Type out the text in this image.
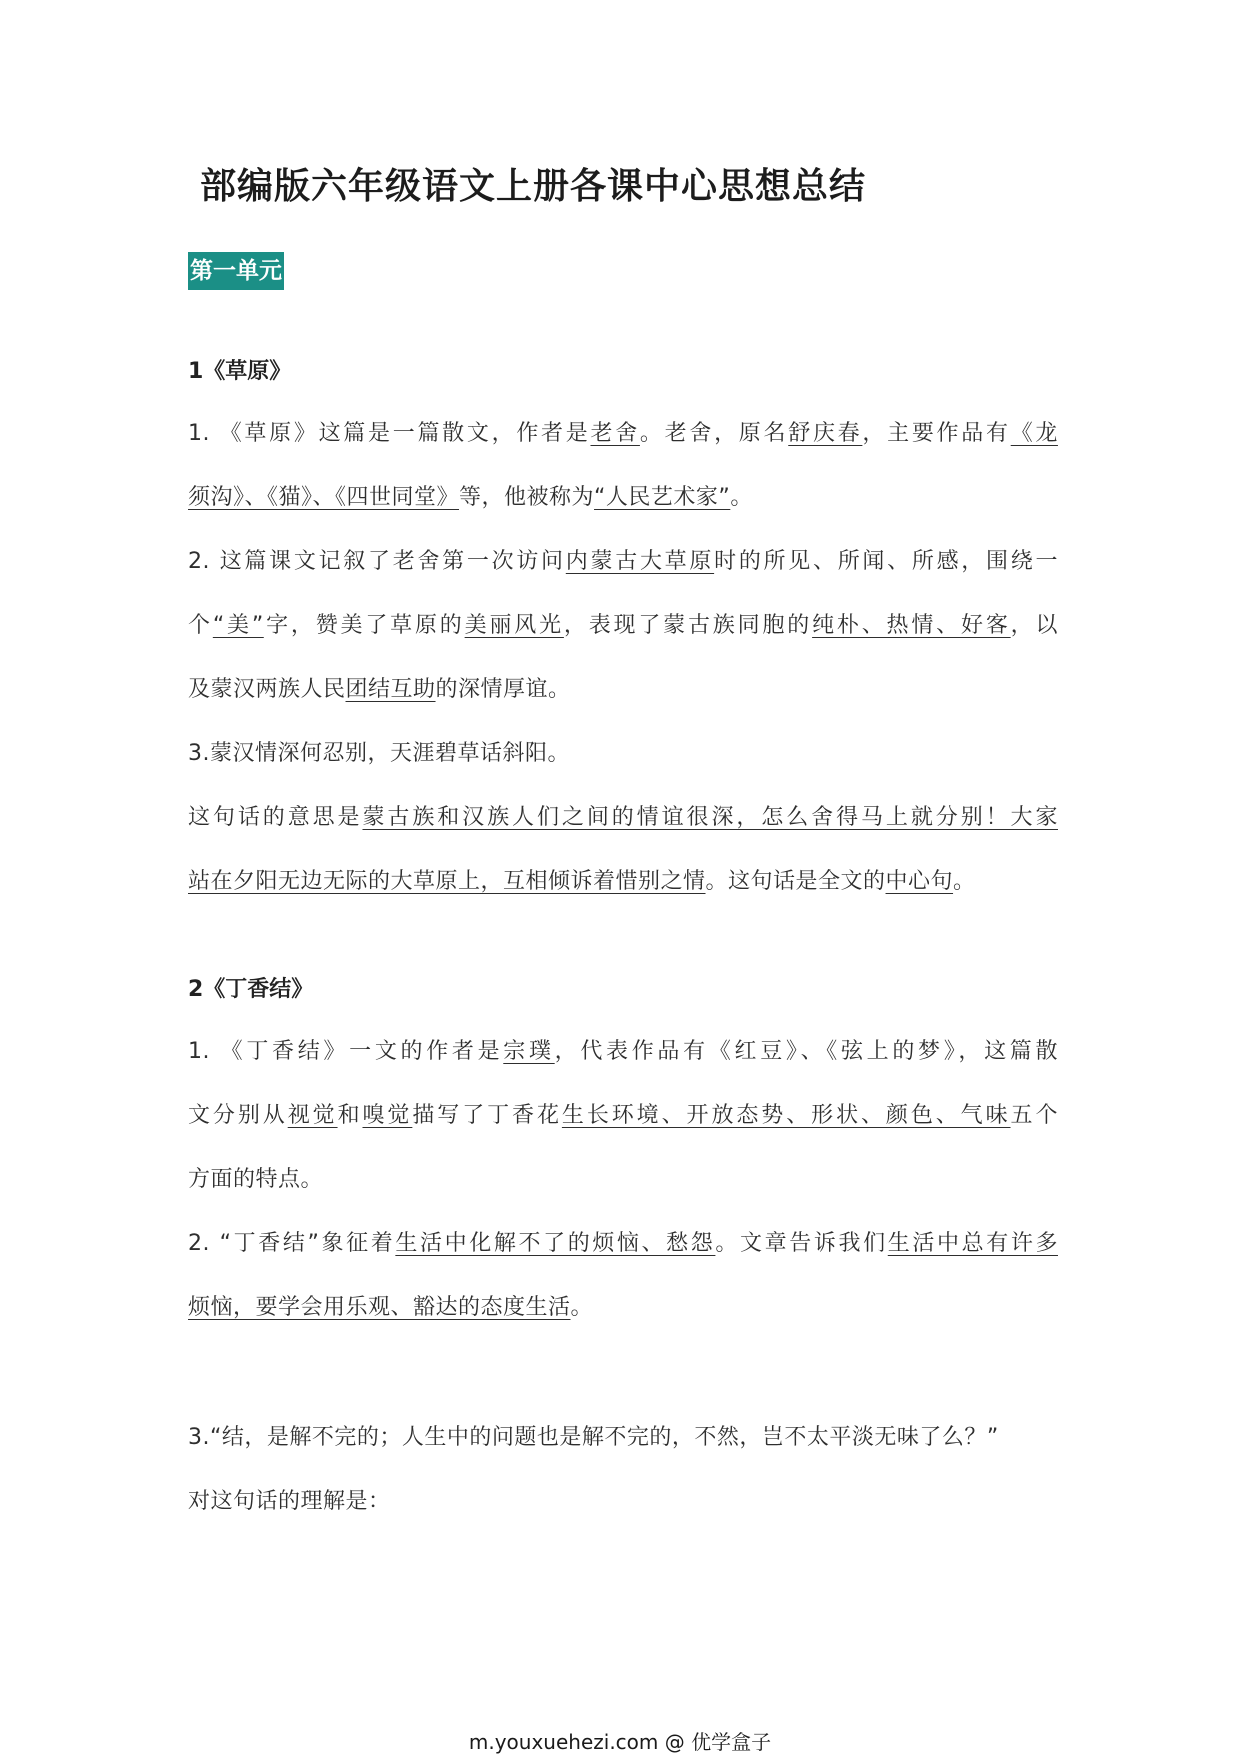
部编版六年级语文上册各课中心思想总结
第一单元
1《草原》
1. 《草原》这篇是一篇散文，作者是老舍。老舍，原名舒庆春，主要作品有《龙
须沟》、《猫》、《四世同堂》等，他被称为“人民艺术家”。
2. 这篇课文记叙了老舍第一次访问内蒙古大草原时的所见、所闻、所感，围绕一
个“美”字，赞美了草原的美丽风光，表现了蒙古族同胞的纯朴、热情、好客，以
及蒙汉两族人民团结互助的深情厚谊。
3.蒙汉情深何忍别，天涯碧草话斜阳。
这句话的意思是蒙古族和汉族人们之间的情谊很深，怎么舍得马上就分别！大家
站在夕阳无边无际的大草原上，互相倾诉着惜别之情。这句话是全文的中心句。
2《丁香结》
1. 《丁香结》一文的作者是宗璞，代表作品有《红豆》、《弦上的梦》，这篇散
文分别从视觉和嗅觉描写了丁香花生长环境、开放态势、形状、颜色、气味五个
方面的特点。
2. “丁香结”象征着生活中化解不了的烦恼、愁怨。文章告诉我们生活中总有许多
烦恼，要学会用乐观、豁达的态度生活。
3.“结，是解不完的；人生中的问题也是解不完的，不然，岂不太平淡无味了么？”
对这句话的理解是：
m.youxuehezi.com @ 优学盒子
